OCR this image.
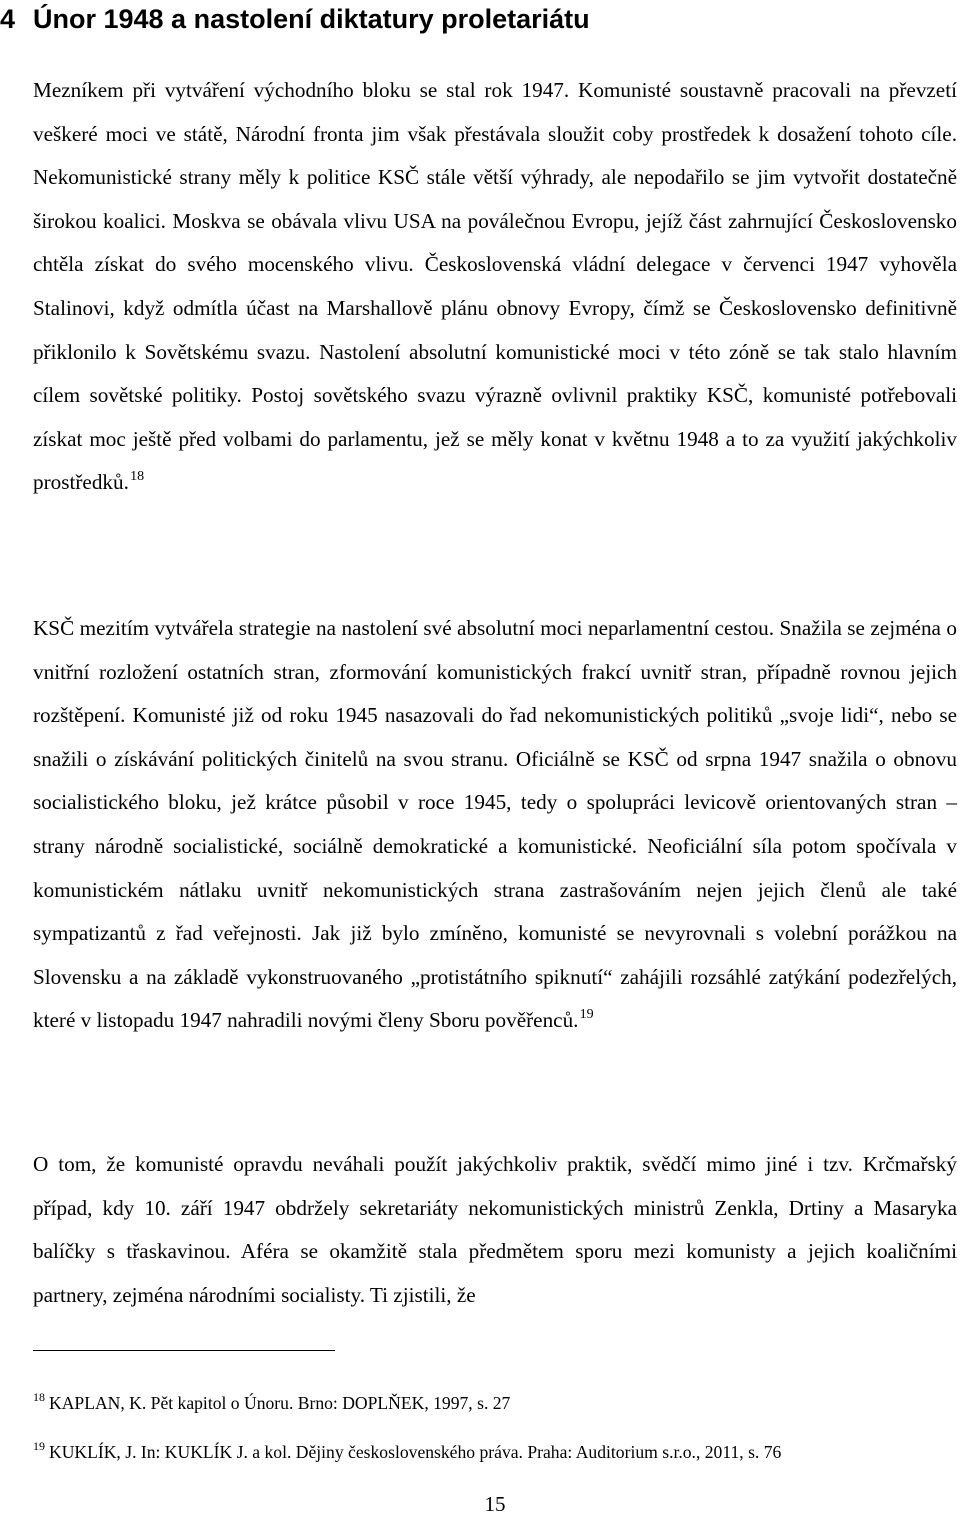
4 Únor 1948 a nastolení diktatury proletariátu

Mezníkem při vytváření východního bloku se stal rok 1947. Komunisté soustavně pracovali na převzetí veškeré moci ve státě, Národní fronta jim však přestávala sloužit coby prostředek k dosažení tohoto cíle. Nekomunistické strany měly k politice KSČ stále větší výhrady, ale nepodařilo se jim vytvořit dostatečně širokou koalici. Moskva se obávala vlivu USA na poválečnou Evropu, jejíž část zahrnující Československo chtěla získat do svého mocenského vlivu. Československá vládní delegace v červenci 1947 vyhověla Stalinovi, když odmítla účast na Marshallově plánu obnovy Evropy, čímž se Československo definitivně přiklonilo k Sovětskému svazu. Nastolení absolutní komunistické moci v této zóně se tak stalo hlavním cílem sovětské politiky. Postoj sovětského svazu výrazně ovlivnil praktiky KSČ, komunisté potřebovali získat moc ještě před volbami do parlamentu, jež se měly konat v květnu 1948 a to za využití jakýchkoliv prostředků. $^{18}$

KSČ mezitím vytvářela strategie na nastolení své absolutní moci neparlamentní cestou. Snažila se zejména o vnitřní rozložení ostatních stran, zformování komunistických frakcí uvnitř stran, případně rovnou jejich rozštěpení. Komunisté již od roku 1945 nasazovali do řad nekomunistických politiků „svoje lidi“, nebo se snažili o získávání politických činitelů na svou stranu. Oficiálně se KSČ od srpna 1947 snažila o obnovu socialistického bloku, jež krátce působil v roce 1945, tedy o spolupráci levicově orientovaných stran – strany národně socialistické, sociálně demokratické a komunistické. Neoficiální síla potom spočívala v komunistickém nátlaku uvnitř nekomunistických strana zastrašováním nejen jejich členů ale také sympatizantů z řad veřejnosti. Jak již bylo zmíněno, komunisté se nevyrovnali s volební porážkou na Slovensku a na základě vykonstruovaného „protistátního spiknutí“ zahájili rozsáhlé zatýkání podezřelých, které v listopadu 1947 nahradili novými členy Sboru pověřenců. $^{19}$

O tom, že komunisté opravdu neváhali použít jakýchkoliv praktik, svědčí mimo jiné i tzv. Krčmařský případ, kdy 10. září 1947 obdržely sekretariáty nekomunistických ministrů Zenkla, Drtiny a Masaryka balíčky s třaskavinou. Aféra se okamžitě stala předmětem sporu mezi komunisty a jejich koaličními partnery, zejména národními socialisty. Ti zjistili, že

$^{18}$ KAPLAN, K. Pět kapitol o Únoru. Brno: DOPLŇEK, 1997, s. 27

$^{19}$ KUKLÍK, J. In: KUKLÍK J. a kol. Dějiny československého práva. Praha: Auditorium s.r.o., 2011, s. 76

15
